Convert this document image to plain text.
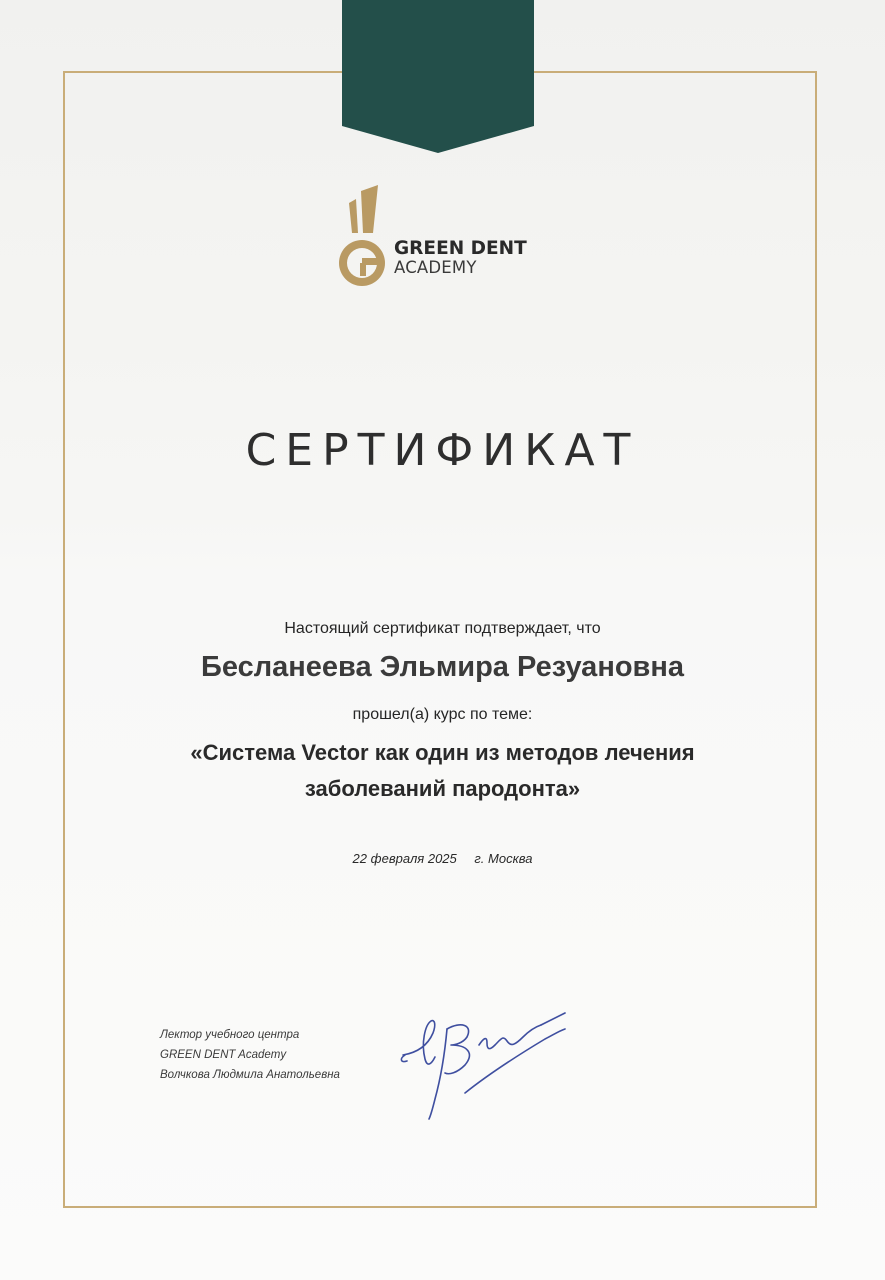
GREEN DENT
ACADEMY
СЕРТИФИКАТ
Настоящий сертификат подтверждает, что
Бесланеева Эльмира Резуановна
прошел(а) курс по теме:
«Система Vector как один из методов лечения
заболеваний пародонта»
22 февраля 2025 г. Москва
Лектор учебного центра
GREEN DENT Academy
Волчкова Людмила Анатольевна
